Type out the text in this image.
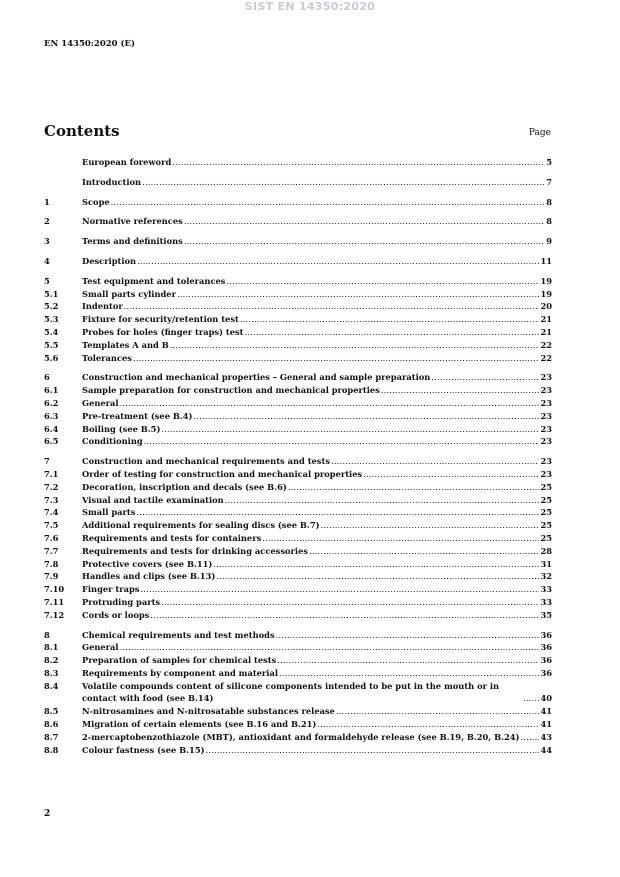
SIST EN 14350:2020
EN 14350:2020 (E)
Contents	Page
European foreword .....	5
Introduction .....	7
1	Scope .....	8
2	Normative references .....	8
3	Terms and definitions .....	9
4	Description .....	11
5	Test equipment and tolerances .....	19
5.1	Small parts cylinder .....	19
5.2	Indentor .....	20
5.3	Fixture for security/retention test .....	21
5.4	Probes for holes (finger traps) test .....	21
5.5	Templates A and B .....	22
5.6	Tolerances .....	22
6	Construction and mechanical properties – General and sample preparation .....	23
6.1	Sample preparation for construction and mechanical properties .....	23
6.2	General .....	23
6.3	Pre-treatment (see B.4) .....	23
6.4	Boiling (see B.5) .....	23
6.5	Conditioning .....	23
7	Construction and mechanical requirements and tests .....	23
7.1	Order of testing for construction and mechanical properties .....	23
7.2	Decoration, inscription and decals (see B.6) .....	25
7.3	Visual and tactile examination .....	25
7.4	Small parts .....	25
7.5	Additional requirements for sealing discs (see B.7) .....	25
7.6	Requirements and tests for containers .....	25
7.7	Requirements and tests for drinking accessories .....	28
7.8	Protective covers (see B.11) .....	31
7.9	Handles and clips (see B.13) .....	32
7.10	Finger traps .....	33
7.11	Protruding parts .....	33
7.12	Cords or loops .....	35
8	Chemical requirements and test methods .....	36
8.1	General .....	36
8.2	Preparation of samples for chemical tests .....	36
8.3	Requirements by component and material .....	36
8.4	Volatile compounds content of silicone components intended to be put in the mouth or in contact with food (see B.14) .....	40
8.5	N-nitrosamines and N-nitrosatable substances release .....	41
8.6	Migration of certain elements (see B.16 and B.21) .....	41
8.7	2-mercaptobenzothiazole (MBT), antioxidant and formaldehyde release (see B.19, B.20, B.24) .....	43
8.8	Colour fastness (see B.15) .....	44
2
